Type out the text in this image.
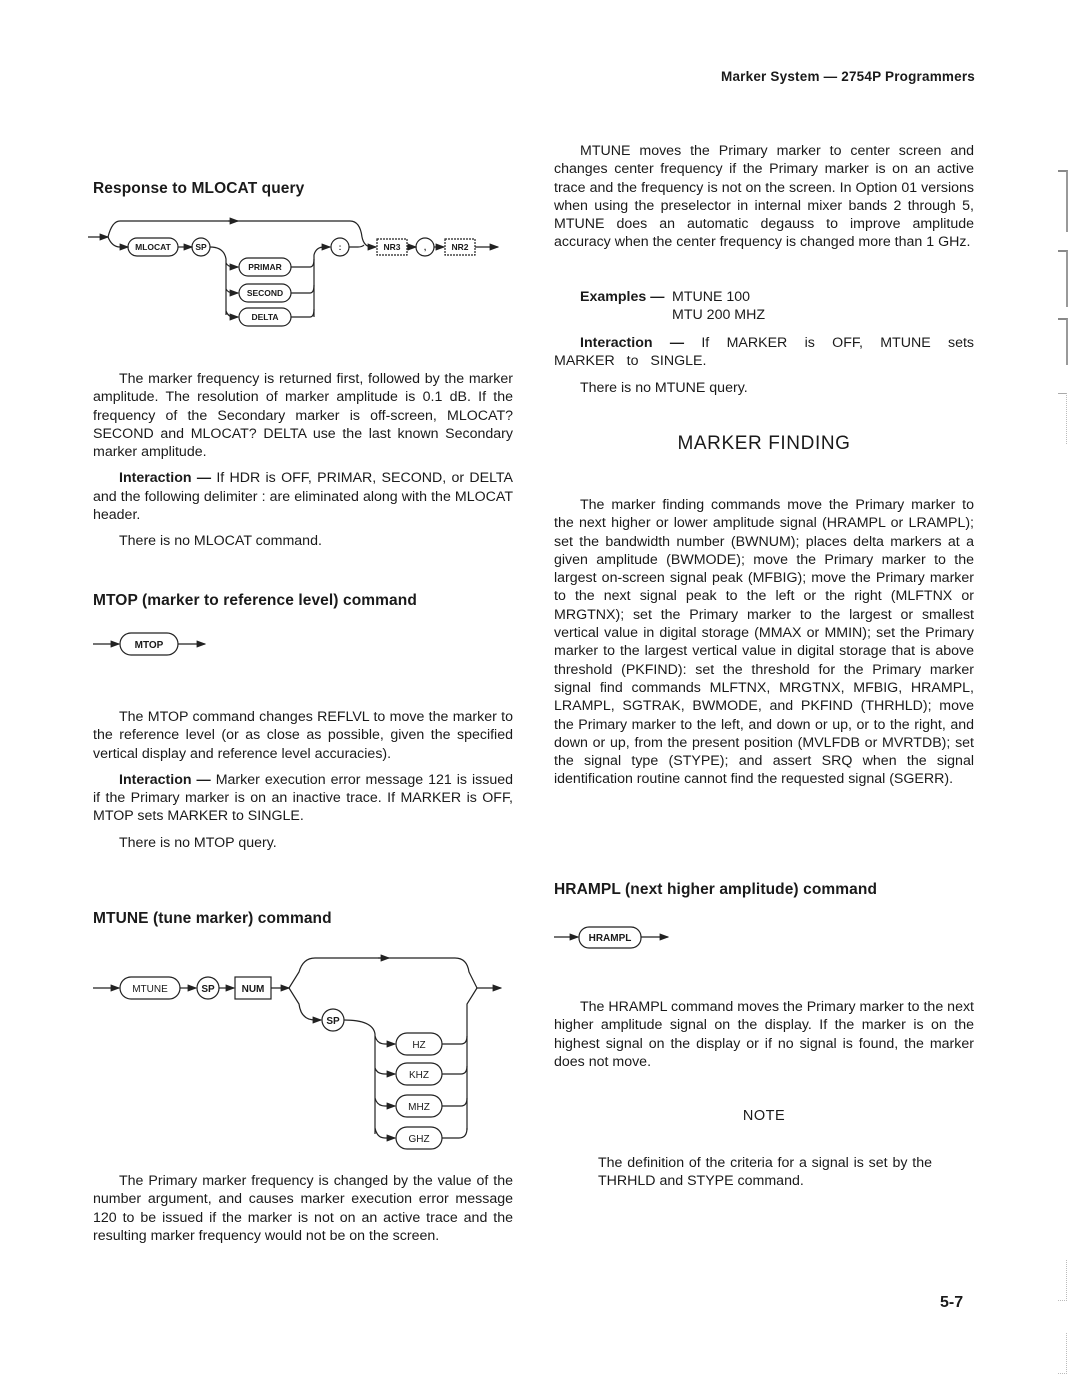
Marker System — 2754P Programmers
Response to MLOCAT query
MLOCAT	SP
PRIMAR
SECOND
DELTA
:	NR3	,	NR2

The marker frequency is returned first, followed by the marker amplitude. The resolution of marker amplitude is 0.1 dB. If the frequency of the Secondary marker is off-screen, MLOCAT? SECOND and MLOCAT? DELTA use the last known Secondary marker amplitude.

Interaction — If HDR is OFF, PRIMAR, SECOND, or DELTA and the following delimiter : are eliminated along with the MLOCAT header.

There is no MLOCAT command.

MTOP (marker to reference level) command
MTOP

The MTOP command changes REFLVL to move the marker to the reference level (or as close as possible, given the specified vertical display and reference level accuracies).

Interaction — Marker execution error message 121 is issued if the Primary marker is on an inactive trace. If MARKER is OFF, MTOP sets MARKER to SINGLE.

There is no MTOP query.

MTUNE (tune marker) command
MTUNE	SP	NUM
SP
HZ
KHZ
MHZ
GHZ

The Primary marker frequency is changed by the value of the number argument, and causes marker execution error message 120 to be issued if the marker is not on an active trace and the resulting marker frequency would not be on the screen.

MTUNE moves the Primary marker to center screen and changes center frequency if the Primary marker is on an active trace and the frequency is not on the screen. In Option 01 versions when using the preselector in internal mixer bands 2 through 5, MTUNE does an automatic degauss to improve amplitude accuracy when the center frequency is changed more than 1 GHz.

Examples — MTUNE 100
MTU 200 MHZ

Interaction — If MARKER is OFF, MTUNE sets MARKER to SINGLE.

There is no MTUNE query.

MARKER FINDING

The marker finding commands move the Primary marker to the next higher or lower amplitude signal (HRAMPL or LRAMPL); set the bandwidth number (BWNUM); places delta markers at a given amplitude (BWMODE); move the Primary marker to the largest on-screen signal peak (MFBIG); move the Primary marker to the next signal peak to the left or the right (MLFTNX or MRGTNX); set the Primary marker to the largest or smallest vertical value in digital storage (MMAX or MMIN); set the Primary marker to the largest vertical value in digital storage that is above threshold (PKFIND): set the threshold for the Primary marker signal find commands MLFTNX, MRGTNX, MFBIG, HRAMPL, LRAMPL, SGTRAK, BWMODE, and PKFIND (THRHLD); move the Primary marker to the left, and down or up, or to the right, and down or up, from the present position (MVLFDB or MVRTDB); set the signal type (STYPE); and assert SRQ when the signal identification routine cannot find the requested signal (SGERR).

HRAMPL (next higher amplitude) command
HRAMPL

The HRAMPL command moves the Primary marker to the next higher amplitude signal on the display. If the marker is on the highest signal on the display or if no signal is found, the marker does not move.

NOTE

The definition of the criteria for a signal is set by the THRHLD and STYPE command.

5-7
